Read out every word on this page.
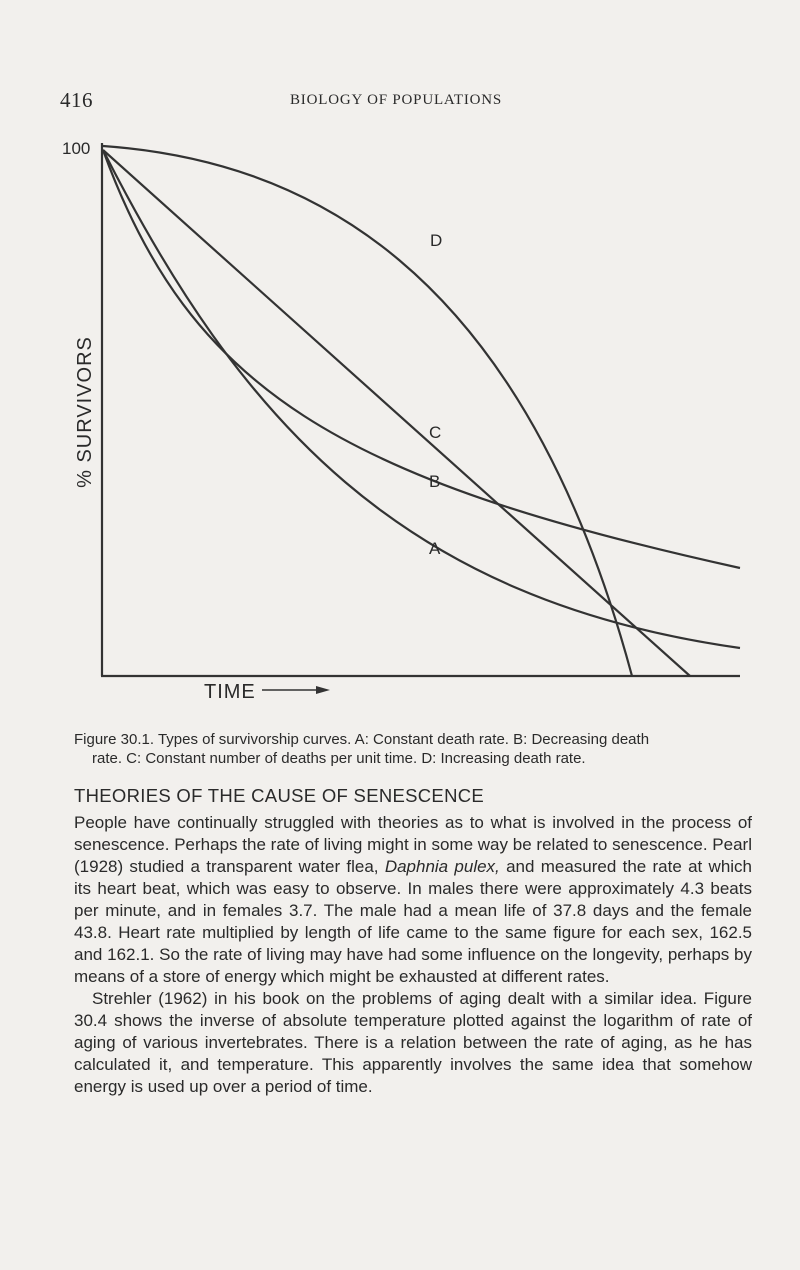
416	BIOLOGY OF POPULATIONS
100
% SURVIVORS
TIME
D
C
B
A
Figure 30.1. Types of survivorship curves. A: Constant death rate. B: Decreasing death
rate. C: Constant number of deaths per unit time. D: Increasing death rate.
THEORIES OF THE CAUSE OF SENESCENCE

People have continually struggled with theories as to what is involved in the process of senescence. Perhaps the rate of living might in some way be related to senescence. Pearl (1928) studied a transparent water flea, Daphnia pulex, and measured the rate at which its heart beat, which was easy to observe. In males there were approximately 4.3 beats per minute, and in females 3.7. The male had a mean life of 37.8 days and the female 43.8. Heart rate multiplied by length of life came to the same figure for each sex, 162.5 and 162.1. So the rate of living may have had some influence on the longevity, perhaps by means of a store of energy which might be exhausted at different rates.

Strehler (1962) in his book on the problems of aging dealt with a similar idea. Figure 30.4 shows the inverse of absolute temperature plotted against the logarithm of rate of aging of various invertebrates. There is a relation between the rate of aging, as he has calculated it, and temperature. This apparently involves the same idea that somehow energy is used up over a period of time.
